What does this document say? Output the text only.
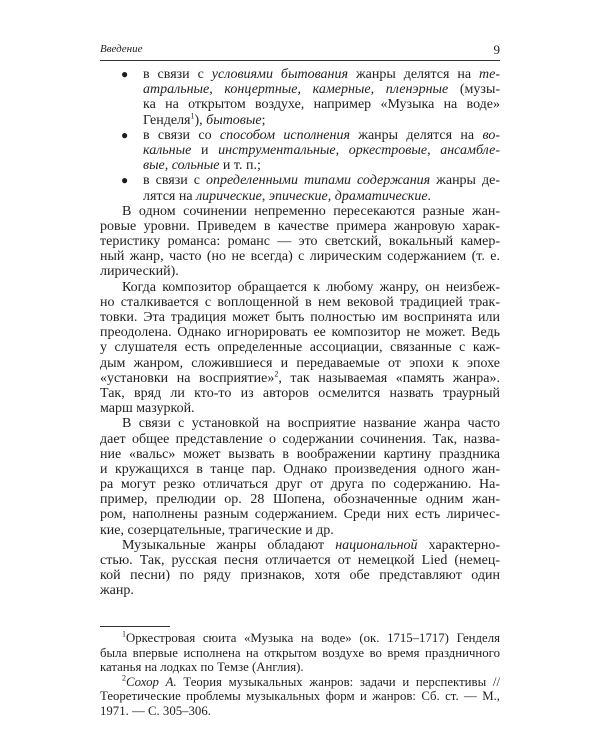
Введение	9
● в связи с условиями бытования жанры делятся на те-
атральные, концертные, камерные, пленэрные (музы-
ка на открытом воздухе, например «Музыка на воде»
Генделя$^1$), бытовые;
● в связи со способом исполнения жанры делятся на во-
кальные и инструментальные, оркестровые, ансамбле-
вые, сольные и т. п.;
● в связи с определенными типами содержания жанры де-
лятся на лирические, эпические, драматические.
В одном сочинении непременно пересекаются разные жан-
ровые уровни. Приведем в качестве примера жанровую харак-
теристику романса: романс — это светский, вокальный камер-
ный жанр, часто (но не всегда) с лирическим содержанием (т. е.
лирический).
Когда композитор обращается к любому жанру, он неизбеж-
но сталкивается с воплощенной в нем вековой традицией трак-
товки. Эта традиция может быть полностью им воспринята или
преодолена. Однако игнорировать ее композитор не может. Ведь
у слушателя есть определенные ассоциации, связанные с каж-
дым жанром, сложившиеся и передаваемые от эпохи к эпохе
«установки на восприятие»$^2$, так называемая «память жанра».
Так, вряд ли кто-то из авторов осмелится назвать траурный
марш мазуркой.
В связи с установкой на восприятие название жанра часто
дает общее представление о содержании сочинения. Так, назва-
ние «вальс» может вызвать в воображении картину праздника
и кружащихся в танце пар. Однако произведения одного жан-
ра могут резко отличаться друг от друга по содержанию. На-
пример, прелюдии ор. 28 Шопена, обозначенные одним жан-
ром, наполнены разным содержанием. Среди них есть лиричес-
кие, созерцательные, трагические и др.
Музыкальные жанры обладают национальной характерно-
стью. Так, русская песня отличается от немецкой Lied (немец-
кой песни) по ряду признаков, хотя обе представляют один
жанр.
$^1$Оркестровая сюита «Музыка на воде» (ок. 1715–1717) Генделя
была впервые исполнена на открытом воздухе во время праздничного
катанья на лодках по Темзе (Англия).
$^2$Сохор А. Теория музыкальных жанров: задачи и перспективы //
Теоретические проблемы музыкальных форм и жанров: Сб. ст. — М.,
1971. — С. 305–306.
